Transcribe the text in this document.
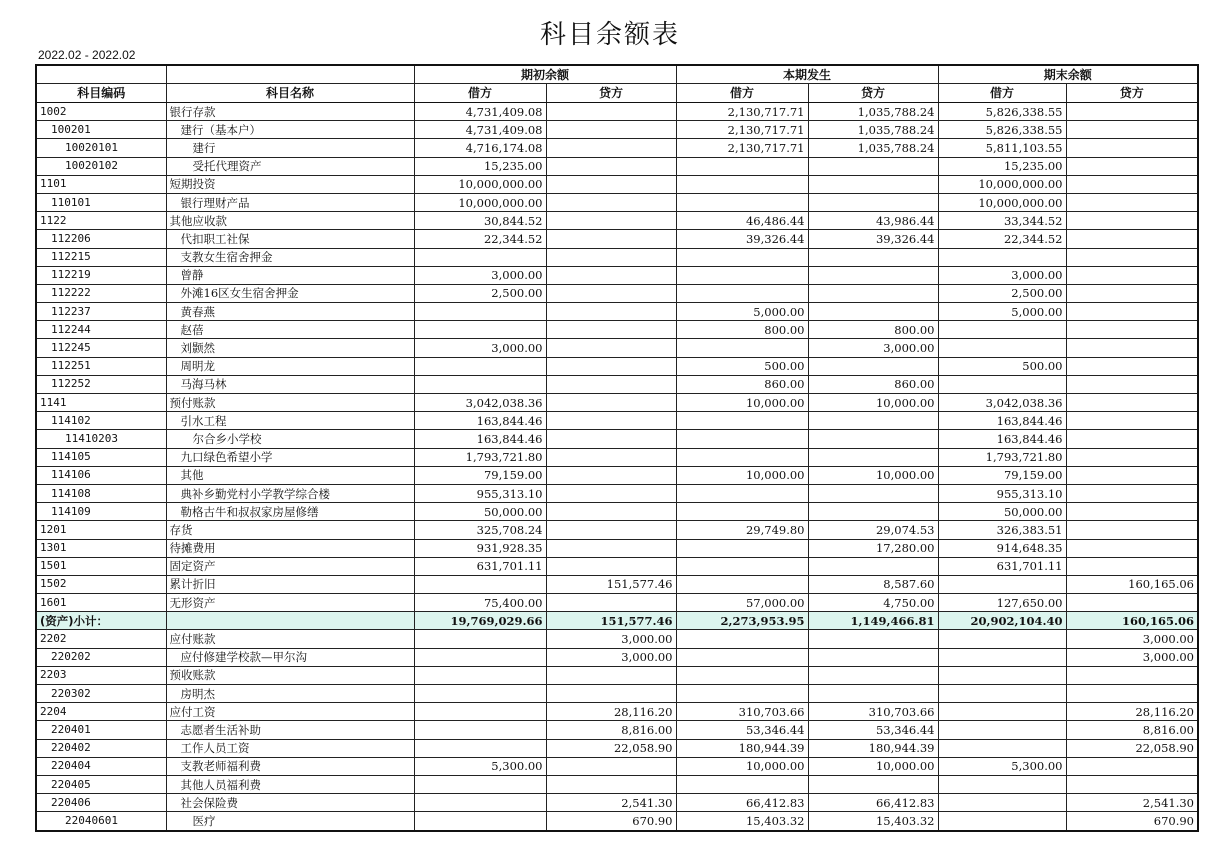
科目余额表
2022.02 - 2022.02
		期初余额		本期发生		期末余额	
科目编码	科目名称	借方	贷方	借方	贷方	借方	贷方
1002	银行存款	4,731,409.08		2,130,717.71	1,035,788.24	5,826,338.55	
100201	建行（基本户）	4,731,409.08		2,130,717.71	1,035,788.24	5,826,338.55	
10020101	建行	4,716,174.08		2,130,717.71	1,035,788.24	5,811,103.55	
10020102	受托代理资产	15,235.00				15,235.00	
1101	短期投资	10,000,000.00				10,000,000.00	
110101	银行理财产品	10,000,000.00				10,000,000.00	
1122	其他应收款	30,844.52		46,486.44	43,986.44	33,344.52	
112206	代扣职工社保	22,344.52		39,326.44	39,326.44	22,344.52	
112215	支教女生宿舍押金						
112219	曾静	3,000.00				3,000.00	
112222	外滩16区女生宿舍押金	2,500.00				2,500.00	
112237	黄春燕			5,000.00		5,000.00	
112244	赵蓓			800.00	800.00		
112245	刘颢然	3,000.00			3,000.00		
112251	周明龙			500.00		500.00	
112252	马海马林			860.00	860.00		
1141	预付账款	3,042,038.36		10,000.00	10,000.00	3,042,038.36	
114102	引水工程	163,844.46				163,844.46	
11410203	尔合乡小学校	163,844.46				163,844.46	
114105	九口绿色希望小学	1,793,721.80				1,793,721.80	
114106	其他	79,159.00		10,000.00	10,000.00	79,159.00	
114108	典补乡勤党村小学教学综合楼	955,313.10				955,313.10	
114109	勒格古牛和叔叔家房屋修缮	50,000.00				50,000.00	
1201	存货	325,708.24		29,749.80	29,074.53	326,383.51	
1301	待摊费用	931,928.35			17,280.00	914,648.35	
1501	固定资产	631,701.11				631,701.11	
1502	累计折旧		151,577.46		8,587.60		160,165.06
1601	无形资产	75,400.00		57,000.00	4,750.00	127,650.00	
(资产)小计：		19,769,029.66	151,577.46	2,273,953.95	1,149,466.81	20,902,104.40	160,165.06
2202	应付账款		3,000.00				3,000.00
220202	应付修建学校款—甲尔沟		3,000.00				3,000.00
2203	预收账款						
220302	房明杰						
2204	应付工资		28,116.20	310,703.66	310,703.66		28,116.20
220401	志愿者生活补助		8,816.00	53,346.44	53,346.44		8,816.00
220402	工作人员工资		22,058.90	180,944.39	180,944.39		22,058.90
220404	支教老师福利费	5,300.00		10,000.00	10,000.00	5,300.00	
220405	其他人员福利费						
220406	社会保险费		2,541.30	66,412.83	66,412.83		2,541.30
22040601	医疗		670.90	15,403.32	15,403.32		670.90
